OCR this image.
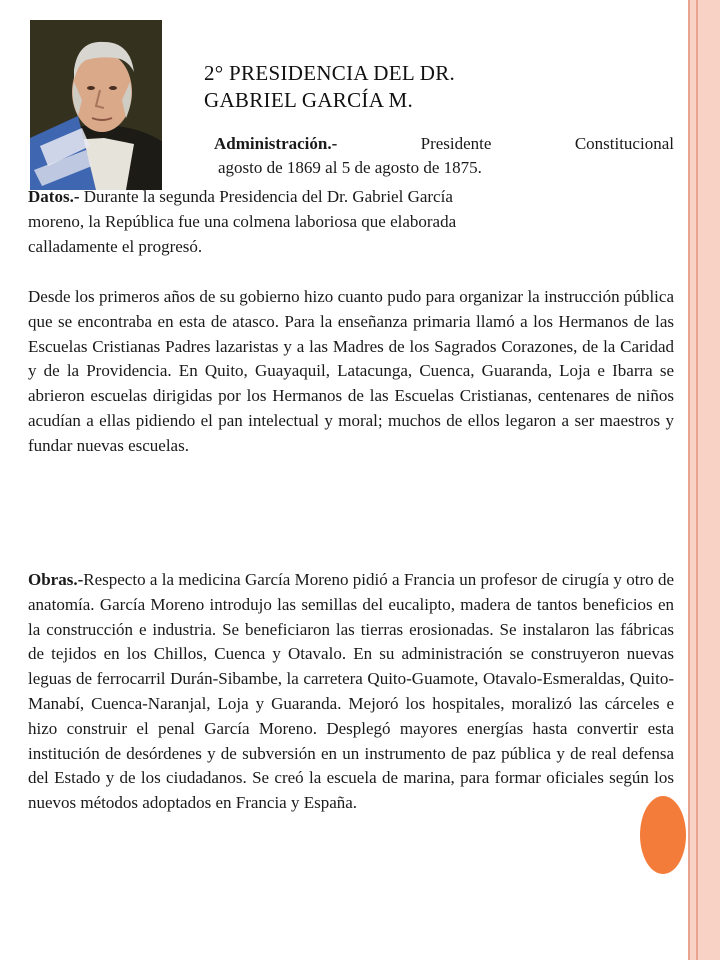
2° PRESIDENCIA DEL DR.
GABRIEL GARCÍA M.
Administración.-	Presidente	Constitucional
agosto de 1869 al 5 de agosto de 1875.
Datos.- Durante la segunda Presidencia del Dr. Gabriel García
moreno, la República fue una colmena laboriosa que elaborada
calladamente el progresó.

Desde los primeros años de su gobierno hizo cuanto pudo para organizar la instrucción pública que se encontraba en esta de atasco. Para la enseñanza primaria llamó a los Hermanos de las Escuelas Cristianas Padres lazaristas y a las Madres de los Sagrados Corazones, de la Caridad y de la Providencia. En Quito, Guayaquil, Latacunga, Cuenca, Guaranda, Loja e Ibarra se abrieron escuelas dirigidas por los Hermanos de las Escuelas Cristianas, centenares de niños acudían a ellas pidiendo el pan intelectual y moral; muchos de ellos legaron a ser maestros y fundar nuevas escuelas.

Obras.-Respecto a la medicina García Moreno pidió a Francia un profesor de cirugía y otro de anatomía. García Moreno introdujo las semillas del eucalipto, madera de tantos beneficios en la construcción e industria. Se beneficiaron las tierras erosionadas. Se instalaron las fábricas de tejidos en los Chillos, Cuenca y Otavalo. En su administración se construyeron nuevas leguas de ferrocarril Durán-Sibambe, la carretera Quito-Guamote, Otavalo-Esmeraldas, Quito- Manabí, Cuenca-Naranjal, Loja y Guaranda. Mejoró los hospitales, moralizó las cárceles e hizo construir el penal García Moreno. Desplegó mayores energías hasta convertir esta institución de desórdenes y de subversión en un instrumento de paz pública y de real defensa del Estado y de los ciudadanos. Se creó la escuela de marina, para formar oficiales según los nuevos métodos adoptados en Francia y España.
